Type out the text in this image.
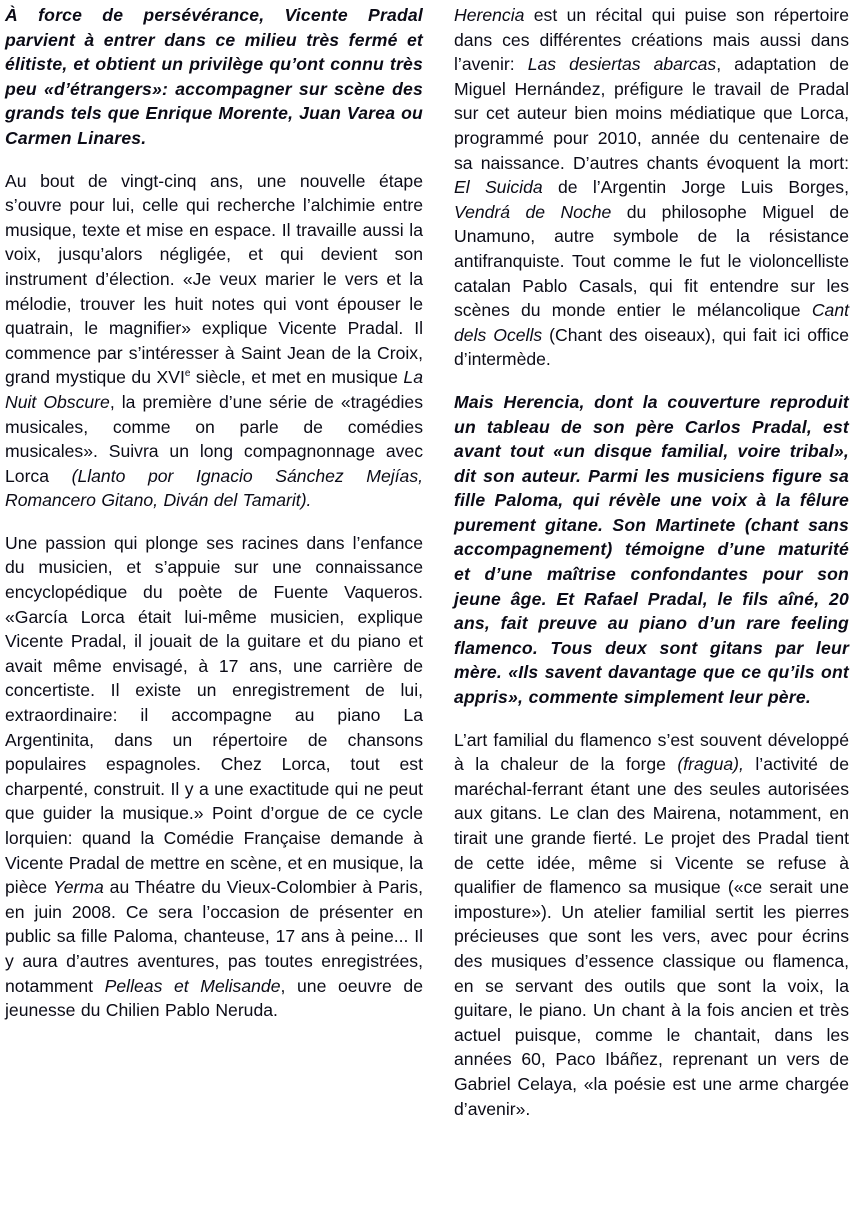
À force de persévérance, Vicente Pradal parvient à entrer dans ce milieu très fermé et élitiste, et obtient un privilège qu’ont connu très peu «d’étrangers»: accompagner sur scène des grands tels que Enrique Morente, Juan Varea ou Carmen Linares.

Au bout de vingt-cinq ans, une nouvelle étape s’ouvre pour lui, celle qui recherche l’alchimie entre musique, texte et mise en espace. Il travaille aussi la voix, jusqu’alors négligée, et qui devient son instrument d’élection. «Je veux marier le vers et la mélodie, trouver les huit notes qui vont épouser le quatrain, le magnifier» explique Vicente Pradal. Il commence par s’intéresser à Saint Jean de la Croix, grand mystique du XVIe siècle, et met en musique La Nuit Obscure, la première d’une série de «tragédies musicales, comme on parle de comédies musicales». Suivra un long compagnonnage avec Lorca (Llanto por Ignacio Sánchez Mejías, Romancero Gitano, Diván del Tamarit).

Une passion qui plonge ses racines dans l’enfance du musicien, et s’appuie sur une connaissance encyclopédique du poète de Fuente Vaqueros. «García Lorca était lui-même musicien, explique Vicente Pradal, il jouait de la guitare et du piano et avait même envisagé, à 17 ans, une carrière de concertiste. Il existe un enregistrement de lui, extraordinaire: il accompagne au piano La Argentinita, dans un répertoire de chansons populaires espagnoles. Chez Lorca, tout est charpenté, construit. Il y a une exactitude qui ne peut que guider la musique.» Point d’orgue de ce cycle lorquien: quand la Comédie Française demande à Vicente Pradal de mettre en scène, et en musique, la pièce Yerma au Théatre du Vieux-Colombier à Paris, en juin 2008. Ce sera l’occasion de présenter en public sa fille Paloma, chanteuse, 17 ans à peine... Il y aura d’autres aventures, pas toutes enregistrées, notamment Pelleas et Melisande, une oeuvre de jeunesse du Chilien Pablo Neruda.

Herencia est un récital qui puise son répertoire dans ces différentes créations mais aussi dans l’avenir: Las desiertas abarcas, adaptation de Miguel Hernández, préfigure le travail de Pradal sur cet auteur bien moins médiatique que Lorca, programmé pour 2010, année du centenaire de sa naissance. D’autres chants évoquent la mort: El Suicida de l’Argentin Jorge Luis Borges, Vendrá de Noche du philosophe Miguel de Unamuno, autre symbole de la résistance antifranquiste. Tout comme le fut le violoncelliste catalan Pablo Casals, qui fit entendre sur les scènes du monde entier le mélancolique Cant dels Ocells (Chant des oiseaux), qui fait ici office d’intermède.

Mais Herencia, dont la couverture reproduit un tableau de son père Carlos Pradal, est avant tout «un disque familial, voire tribal», dit son auteur. Parmi les musiciens figure sa fille Paloma, qui révèle une voix à la fêlure purement gitane. Son Martinete (chant sans accompagnement) témoigne d’une maturité et d’une maîtrise confondantes pour son jeune âge. Et Rafael Pradal, le fils aîné, 20 ans, fait preuve au piano d’un rare feeling flamenco. Tous deux sont gitans par leur mère. «Ils savent davantage que ce qu’ils ont appris», commente simplement leur père.

L’art familial du flamenco s’est souvent développé à la chaleur de la forge (fragua), l’activité de maréchal-ferrant étant une des seules autorisées aux gitans. Le clan des Mairena, notamment, en tirait une grande fierté. Le projet des Pradal tient de cette idée, même si Vicente se refuse à qualifier de flamenco sa musique («ce serait une imposture»). Un atelier familial sertit les pierres précieuses que sont les vers, avec pour écrins des musiques d’essence classique ou flamenca, en se servant des outils que sont la voix, la guitare, le piano. Un chant à la fois ancien et très actuel puisque, comme le chantait, dans les années 60, Paco Ibáñez, reprenant un vers de Gabriel Celaya, «la poésie est une arme chargée d’avenir».
